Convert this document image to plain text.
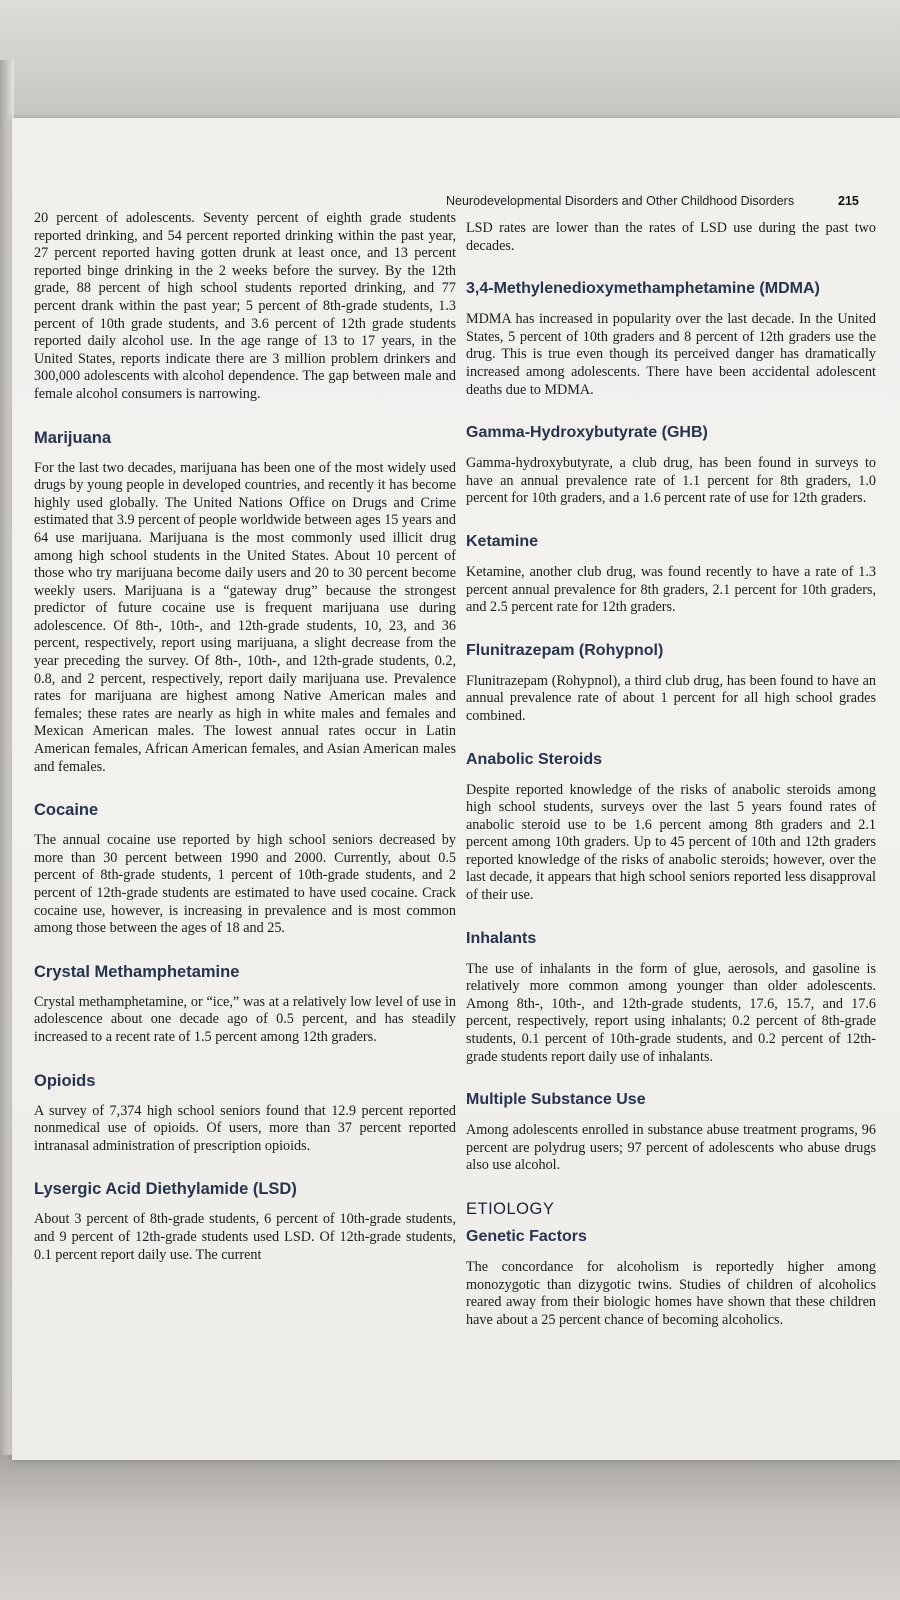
Neurodevelopmental Disorders and Other Childhood Disorders	215

20 percent of adolescents. Seventy percent of eighth grade students reported drinking, and 54 percent reported drinking within the past year, 27 percent reported having gotten drunk at least once, and 13 percent reported binge drinking in the 2 weeks before the survey. By the 12th grade, 88 percent of high school students reported drinking, and 77 percent drank within the past year; 5 percent of 8th-grade students, 1.3 percent of 10th grade students, and 3.6 percent of 12th grade students reported daily alcohol use. In the age range of 13 to 17 years, in the United States, reports indicate there are 3 million problem drinkers and 300,000 adolescents with alcohol dependence. The gap between male and female alcohol consumers is narrowing.

Marijuana

For the last two decades, marijuana has been one of the most widely used drugs by young people in developed countries, and recently it has become highly used globally. The United Nations Office on Drugs and Crime estimated that 3.9 percent of people worldwide between ages 15 years and 64 use marijuana. Marijuana is the most commonly used illicit drug among high school students in the United States. About 10 percent of those who try marijuana become daily users and 20 to 30 percent become weekly users. Marijuana is a “gateway drug” because the strongest predictor of future cocaine use is frequent marijuana use during adolescence. Of 8th-, 10th-, and 12th-grade students, 10, 23, and 36 percent, respectively, report using marijuana, a slight decrease from the year preceding the survey. Of 8th-, 10th-, and 12th-grade students, 0.2, 0.8, and 2 percent, respectively, report daily marijuana use. Prevalence rates for marijuana are highest among Native American males and females; these rates are nearly as high in white males and females and Mexican American males. The lowest annual rates occur in Latin American females, African American females, and Asian American males and females.

Cocaine

The annual cocaine use reported by high school seniors decreased by more than 30 percent between 1990 and 2000. Currently, about 0.5 percent of 8th-grade students, 1 percent of 10th-grade students, and 2 percent of 12th-grade students are estimated to have used cocaine. Crack cocaine use, however, is increasing in prevalence and is most common among those between the ages of 18 and 25.

Crystal Methamphetamine

Crystal methamphetamine, or “ice,” was at a relatively low level of use in adolescence about one decade ago of 0.5 percent, and has steadily increased to a recent rate of 1.5 percent among 12th graders.

Opioids

A survey of 7,374 high school seniors found that 12.9 percent reported nonmedical use of opioids. Of users, more than 37 percent reported intranasal administration of prescription opioids.

Lysergic Acid Diethylamide (LSD)

About 3 percent of 8th-grade students, 6 percent of 10th-grade students, and 9 percent of 12th-grade students used LSD. Of 12th-grade students, 0.1 percent report daily use. The current

LSD rates are lower than the rates of LSD use during the past two decades.

3,4-Methylenedioxymethamphetamine (MDMA)

MDMA has increased in popularity over the last decade. In the United States, 5 percent of 10th graders and 8 percent of 12th graders use the drug. This is true even though its perceived danger has dramatically increased among adolescents. There have been accidental adolescent deaths due to MDMA.

Gamma-Hydroxybutyrate (GHB)

Gamma-hydroxybutyrate, a club drug, has been found in surveys to have an annual prevalence rate of 1.1 percent for 8th graders, 1.0 percent for 10th graders, and a 1.6 percent rate of use for 12th graders.

Ketamine

Ketamine, another club drug, was found recently to have a rate of 1.3 percent annual prevalence for 8th graders, 2.1 percent for 10th graders, and 2.5 percent rate for 12th graders.

Flunitrazepam (Rohypnol)

Flunitrazepam (Rohypnol), a third club drug, has been found to have an annual prevalence rate of about 1 percent for all high school grades combined.

Anabolic Steroids

Despite reported knowledge of the risks of anabolic steroids among high school students, surveys over the last 5 years found rates of anabolic steroid use to be 1.6 percent among 8th graders and 2.1 percent among 10th graders. Up to 45 percent of 10th and 12th graders reported knowledge of the risks of anabolic steroids; however, over the last decade, it appears that high school seniors reported less disapproval of their use.

Inhalants

The use of inhalants in the form of glue, aerosols, and gasoline is relatively more common among younger than older adolescents. Among 8th-, 10th-, and 12th-grade students, 17.6, 15.7, and 17.6 percent, respectively, report using inhalants; 0.2 percent of 8th-grade students, 0.1 percent of 10th-grade students, and 0.2 percent of 12th-grade students report daily use of inhalants.

Multiple Substance Use

Among adolescents enrolled in substance abuse treatment programs, 96 percent are polydrug users; 97 percent of adolescents who abuse drugs also use alcohol.

ETIOLOGY
Genetic Factors

The concordance for alcoholism is reportedly higher among monozygotic than dizygotic twins. Studies of children of alcoholics reared away from their biologic homes have shown that these children have about a 25 percent chance of becoming alcoholics.
